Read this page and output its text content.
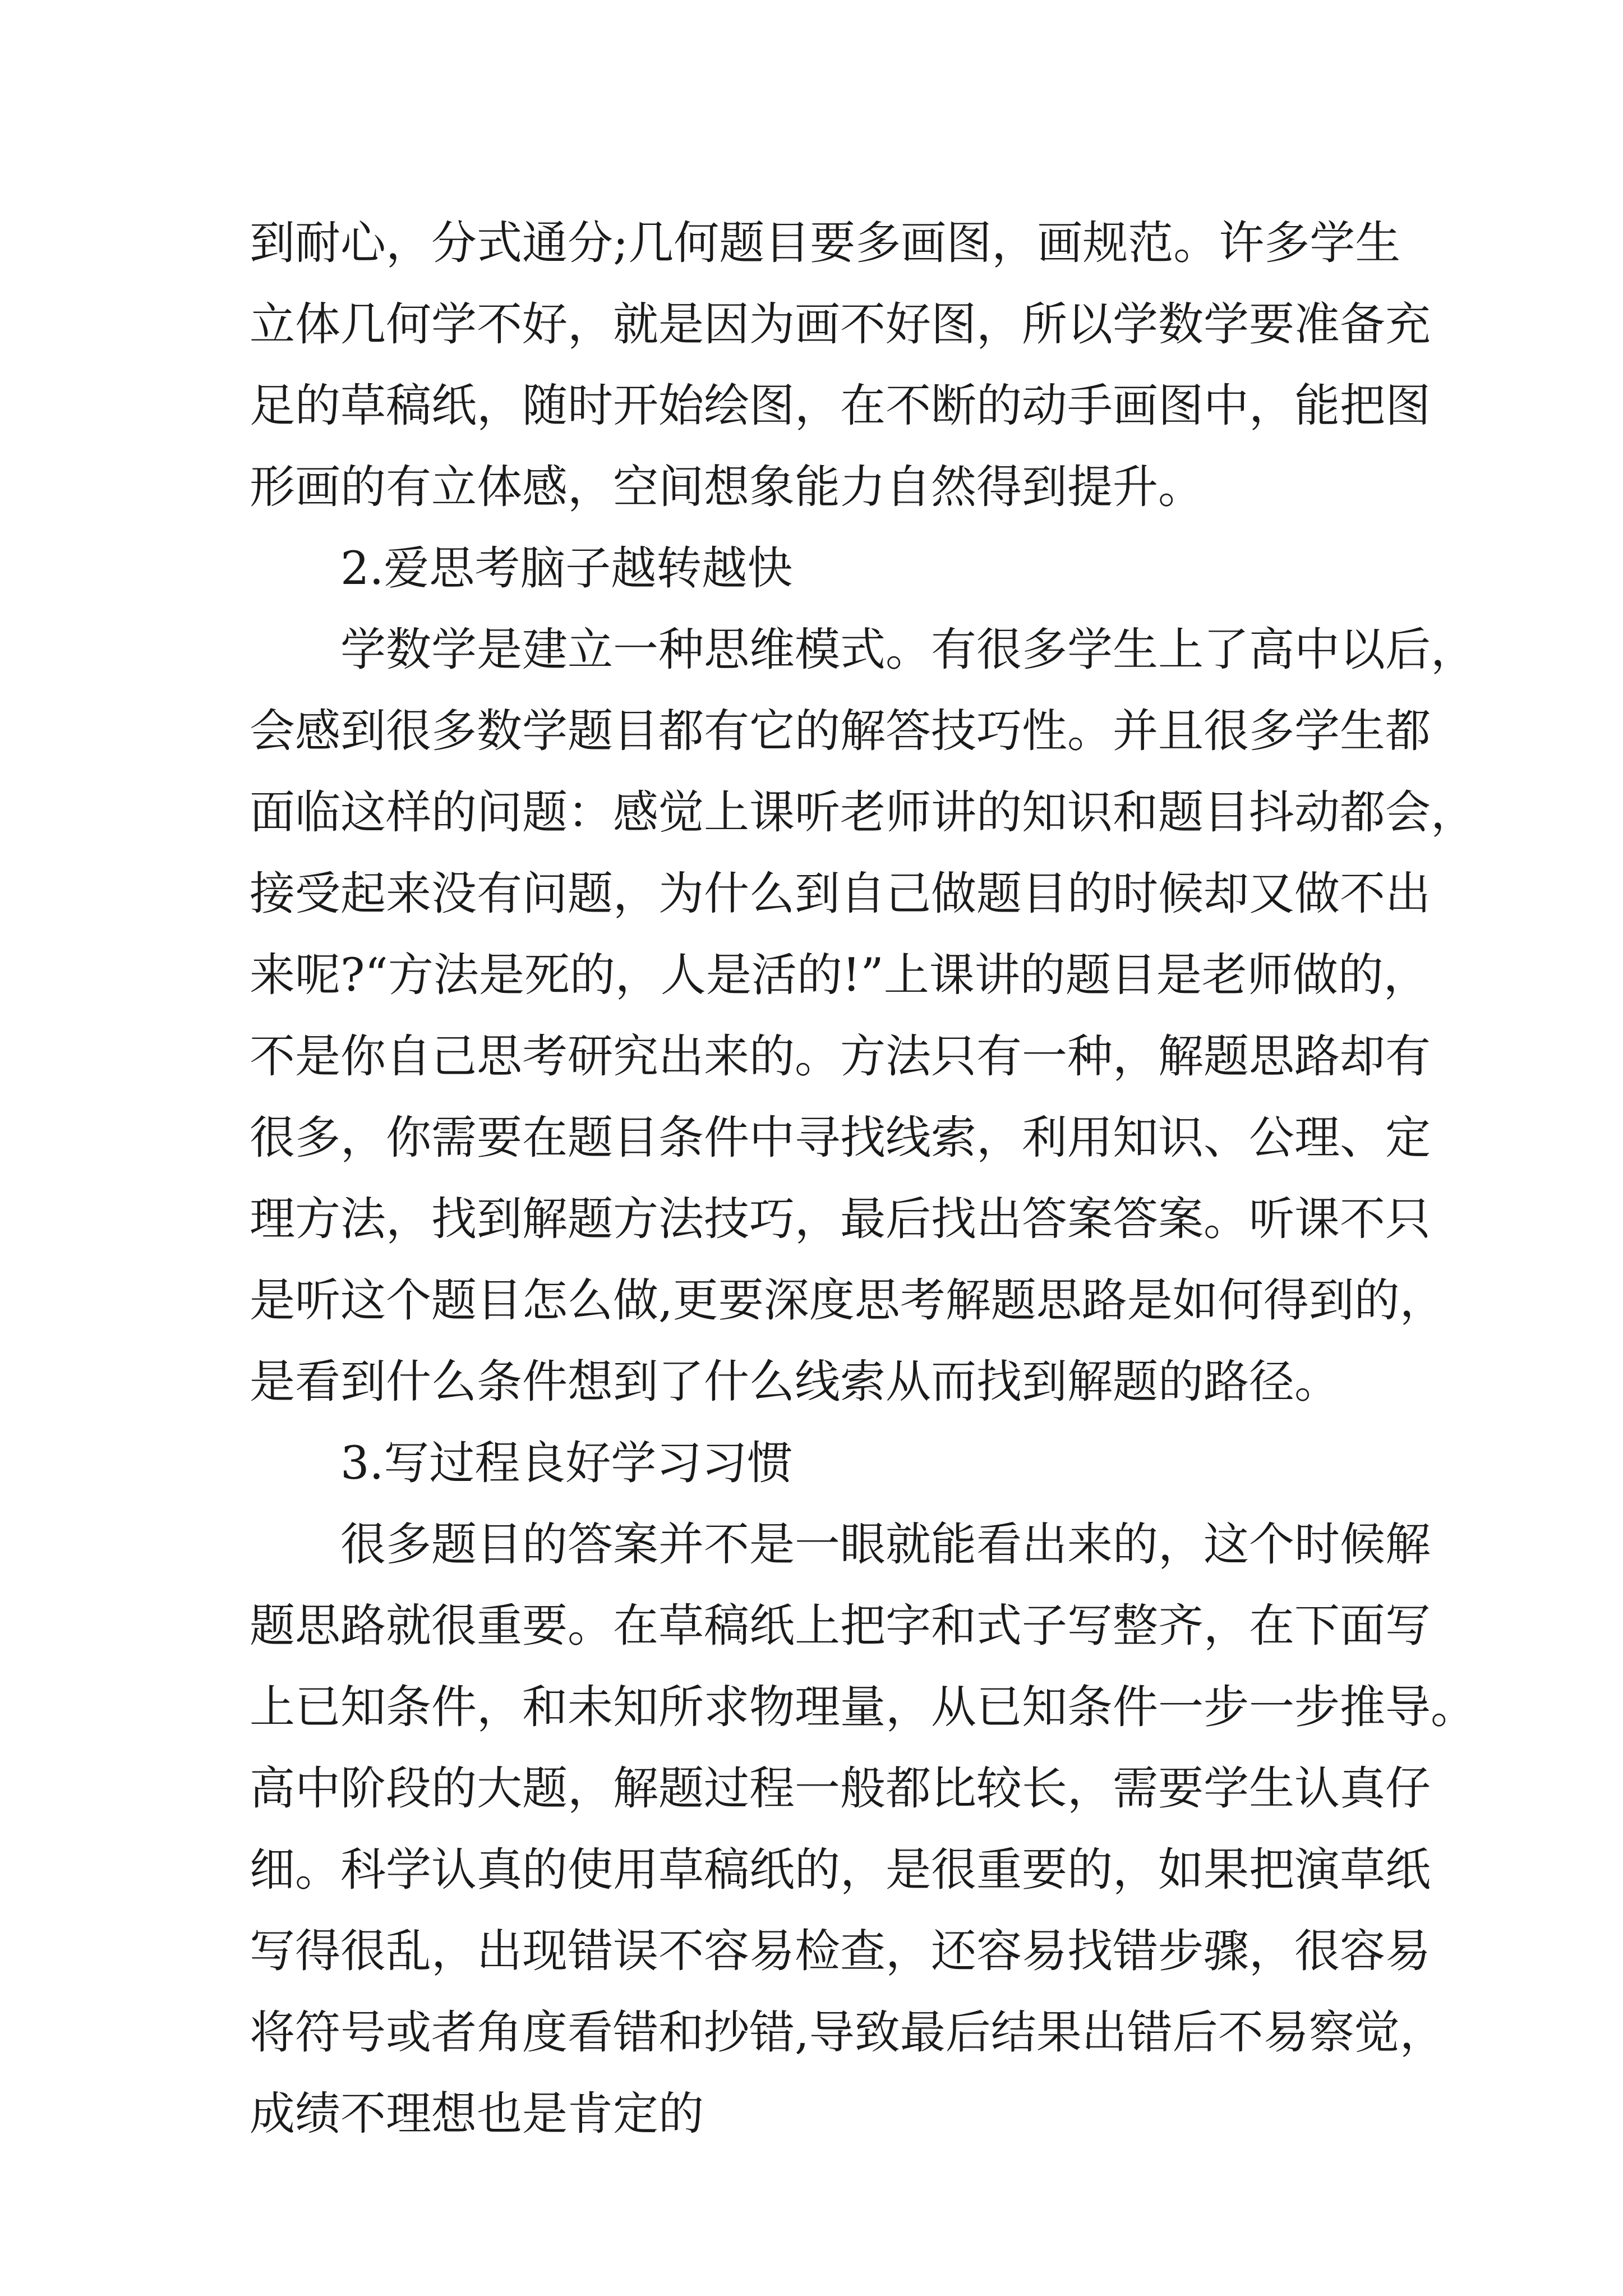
到耐心，分式通分;几何题目要多画图，画规范。许多学生
立体几何学不好，就是因为画不好图，所以学数学要准备充
足的草稿纸，随时开始绘图，在不断的动手画图中，能把图
形画的有立体感，空间想象能力自然得到提升。
2.爱思考脑子越转越快
学数学是建立一种思维模式。有很多学生上了高中以后，
会感到很多数学题目都有它的解答技巧性。并且很多学生都
面临这样的问题：感觉上课听老师讲的知识和题目抖动都会，
接受起来没有问题，为什么到自己做题目的时候却又做不出
来呢?“方法是死的，人是活的!”上课讲的题目是老师做的，
不是你自己思考研究出来的。方法只有一种，解题思路却有
很多，你需要在题目条件中寻找线索，利用知识、公理、定
理方法，找到解题方法技巧，最后找出答案答案。听课不只
是听这个题目怎么做,更要深度思考解题思路是如何得到的，
是看到什么条件想到了什么线索从而找到解题的路径。
3.写过程良好学习习惯
很多题目的答案并不是一眼就能看出来的，这个时候解
题思路就很重要。在草稿纸上把字和式子写整齐，在下面写
上已知条件，和未知所求物理量，从已知条件一步一步推导。
高中阶段的大题，解题过程一般都比较长，需要学生认真仔
细。科学认真的使用草稿纸的，是很重要的，如果把演草纸
写得很乱，出现错误不容易检查，还容易找错步骤，很容易
将符号或者角度看错和抄错,导致最后结果出错后不易察觉，
成绩不理想也是肯定的
